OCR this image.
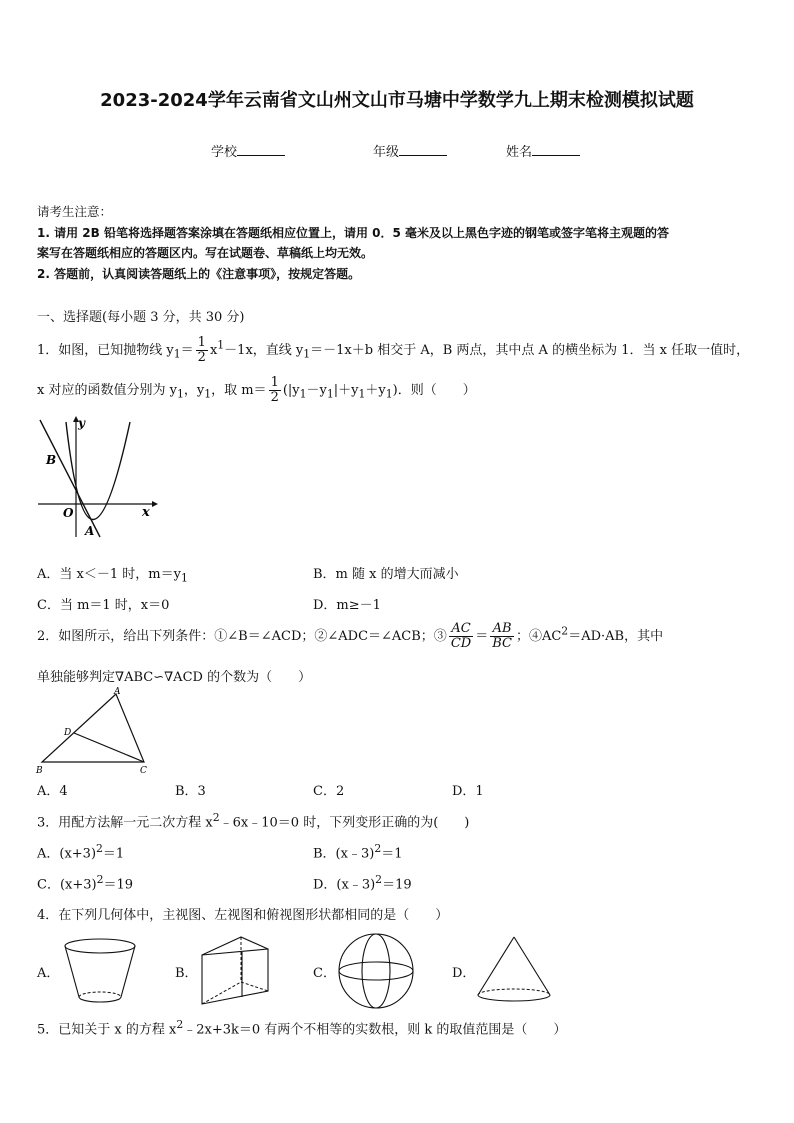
2023-2024学年云南省文山州文山市马塘中学数学九上期末检测模拟试题
学校	年级	姓名
请考生注意：
1. 请用 2B 铅笔将选择题答案涂填在答题纸相应位置上，请用 0．5 毫米及以上黑色字迹的钢笔或签字笔将主观题的答
案写在答题纸相应的答题区内。写在试题卷、草稿纸上均无效。
2. 答题前，认真阅读答题纸上的《注意事项》，按规定答题。
一、选择题(每小题 3 分，共 30 分)
1．如图，已知抛物线 $y_1= \frac{1}{2} x^1-1x$，直线 $y_1=-1x+b$ 相交于 A，B 两点，其中点 A 的横坐标为 1．当 x 任取一值时，
x 对应的函数值分别为 $y_1$，$y_1$，取 $m= \frac{1}{2} (|y_1-y_1|+y_1+y_1)$．则（　　）
y
x
O
A
B
A．当 x＜－1 时，$m=y_1$	B．m 随 x 的增大而减小
C．当 m＝1 时，x＝0	D．m≥－1
2．如图所示，给出下列条件：①∠B＝∠ACD；②∠ADC＝∠ACB；③ $\frac{AC}{CD} = \frac{AB}{BC}$ ；$④AC^2=AD\cdot AB$，其中
单独能够判定∇ABC∽∇ACD 的个数为（　　）
A
B	C
D
A．4	B．3	C．2	D．1
3．用配方法解一元二次方程 $x^2﹣6x﹣10=0$ 时，下列变形正确的为(　　)
A．$(x+3)^2=1$	B．(x﹣3)$^2$＝1
C．$(x+3)^2=19$	D．(x﹣3)$^2$＝19
4．在下列几何体中，主视图、左视图和俯视图形状都相同的是（　　）
A．	B．	C．	D．
5．已知关于 x 的方程 $x^2﹣2x+3k=0$ 有两个不相等的实数根，则 k 的取值范围是（　　）
